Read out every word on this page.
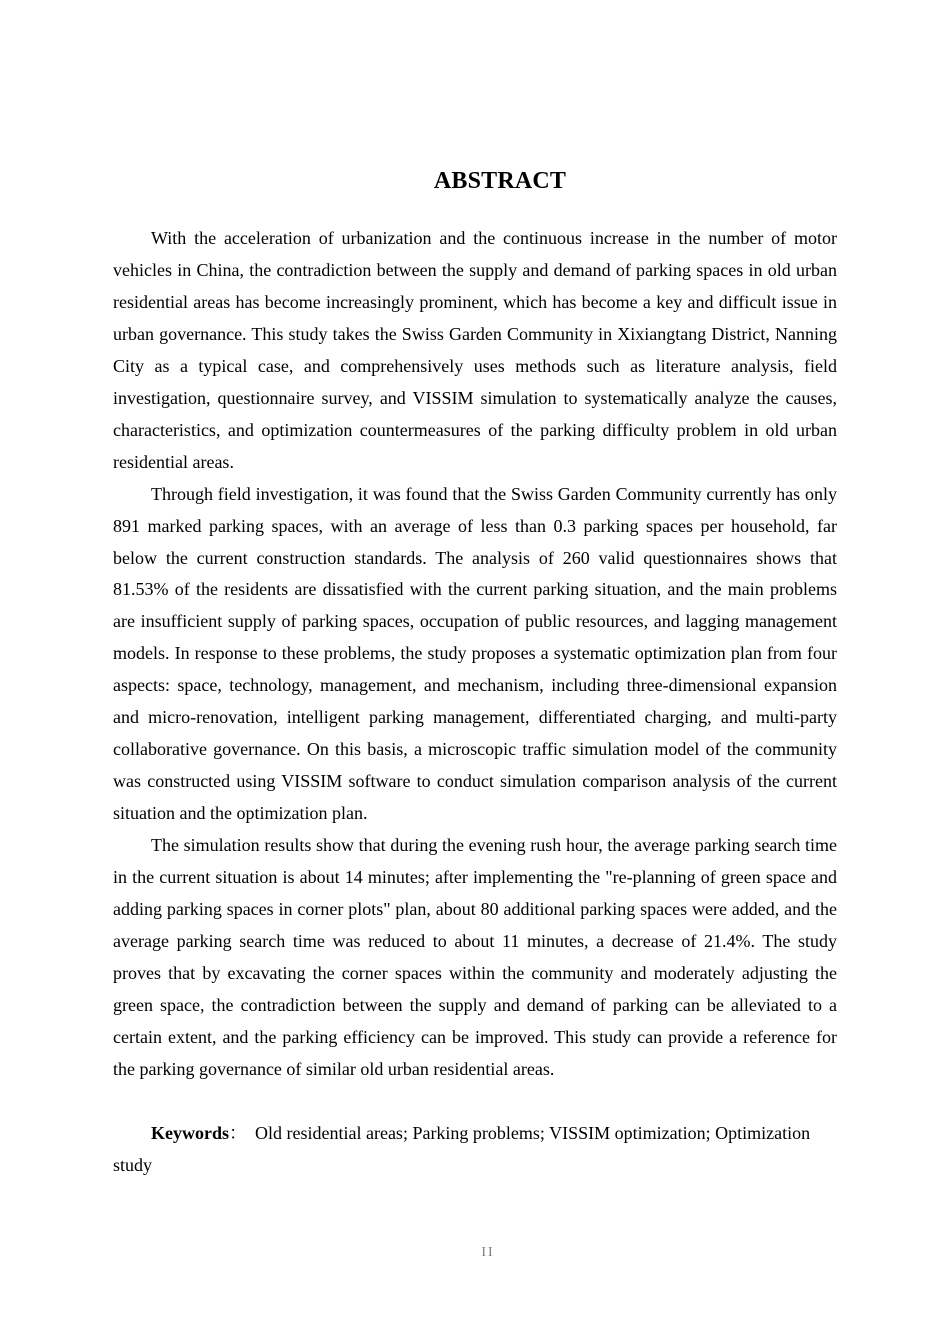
ABSTRACT

With the acceleration of urbanization and the continuous increase in the number of motor vehicles in China, the contradiction between the supply and demand of parking spaces in old urban residential areas has become increasingly prominent, which has become a key and difficult issue in urban governance. This study takes the Swiss Garden Community in Xixiangtang District, Nanning City as a typical case, and comprehensively uses methods such as literature analysis, field investigation, questionnaire survey, and VISSIM simulation to systematically analyze the causes, characteristics, and optimization countermeasures of the parking difficulty problem in old urban residential areas.

Through field investigation, it was found that the Swiss Garden Community currently has only 891 marked parking spaces, with an average of less than 0.3 parking spaces per household, far below the current construction standards. The analysis of 260 valid questionnaires shows that 81.53% of the residents are dissatisfied with the current parking situation, and the main problems are insufficient supply of parking spaces, occupation of public resources, and lagging management models. In response to these problems, the study proposes a systematic optimization plan from four aspects: space, technology, management, and mechanism, including three-dimensional expansion and micro-renovation, intelligent parking management, differentiated charging, and multi-party collaborative governance. On this basis, a microscopic traffic simulation model of the community was constructed using VISSIM software to conduct simulation comparison analysis of the current situation and the optimization plan.

The simulation results show that during the evening rush hour, the average parking search time in the current situation is about 14 minutes; after implementing the "re-planning of green space and adding parking spaces in corner plots" plan, about 80 additional parking spaces were added, and the average parking search time was reduced to about 11 minutes, a decrease of 21.4%. The study proves that by excavating the corner spaces within the community and moderately adjusting the green space, the contradiction between the supply and demand of parking can be alleviated to a certain extent, and the parking efficiency can be improved. This study can provide a reference for the parking governance of similar old urban residential areas.

Keywords： Old residential areas; Parking problems; VISSIM optimization; Optimization study
II
